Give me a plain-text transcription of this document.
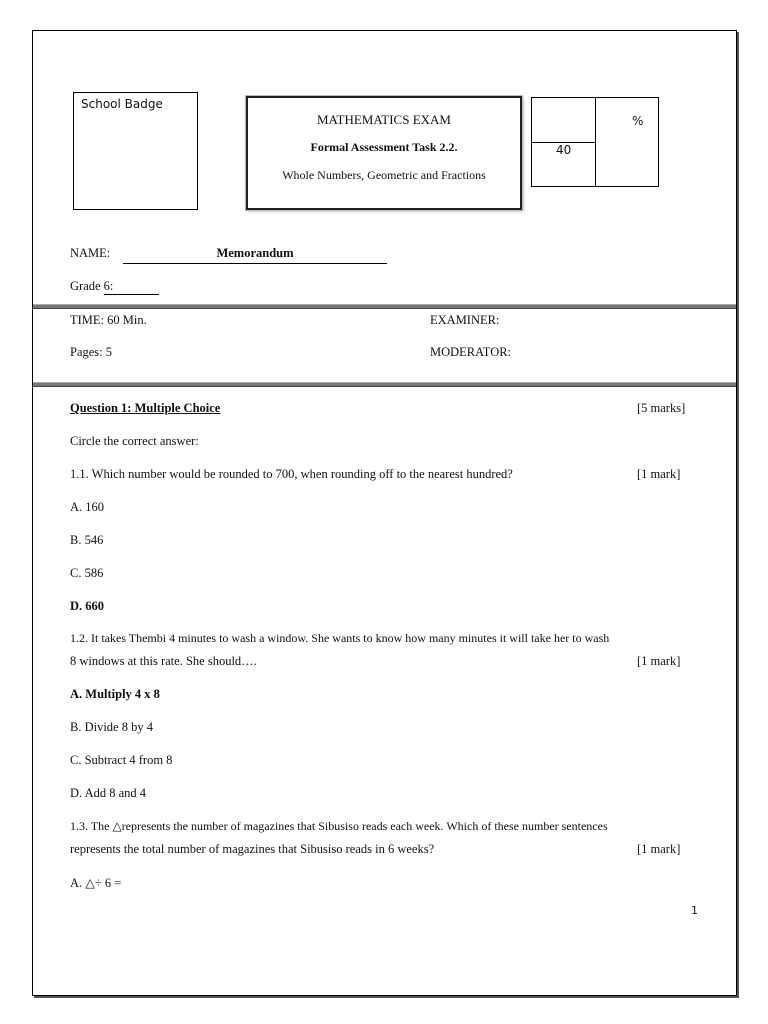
School Badge
MATHEMATICS EXAM
Formal Assessment Task 2.2.
Whole Numbers, Geometric and Fractions
%
40
NAME:	Memorandum
Grade 6:
TIME: 60 Min.	EXAMINER:
Pages: 5	MODERATOR:
Question 1: Multiple Choice	[5 marks]
Circle the correct answer:
1.1. Which number would be rounded to 700, when rounding off to the nearest hundred?	[1 mark]
A. 160
B. 546
C. 586
D. 660
1.2. It takes Thembi 4 minutes to wash a window. She wants to know how many minutes it will take her to wash
8 windows at this rate. She should….	[1 mark]
A. Multiply 4 x 8
B. Divide 8 by 4
C. Subtract 4 from 8
D. Add 8 and 4
1.3. The △represents the number of magazines that Sibusiso reads each week. Which of these number sentences
represents the total number of magazines that Sibusiso reads in 6 weeks?	[1 mark]
A. △÷ 6 =
1
